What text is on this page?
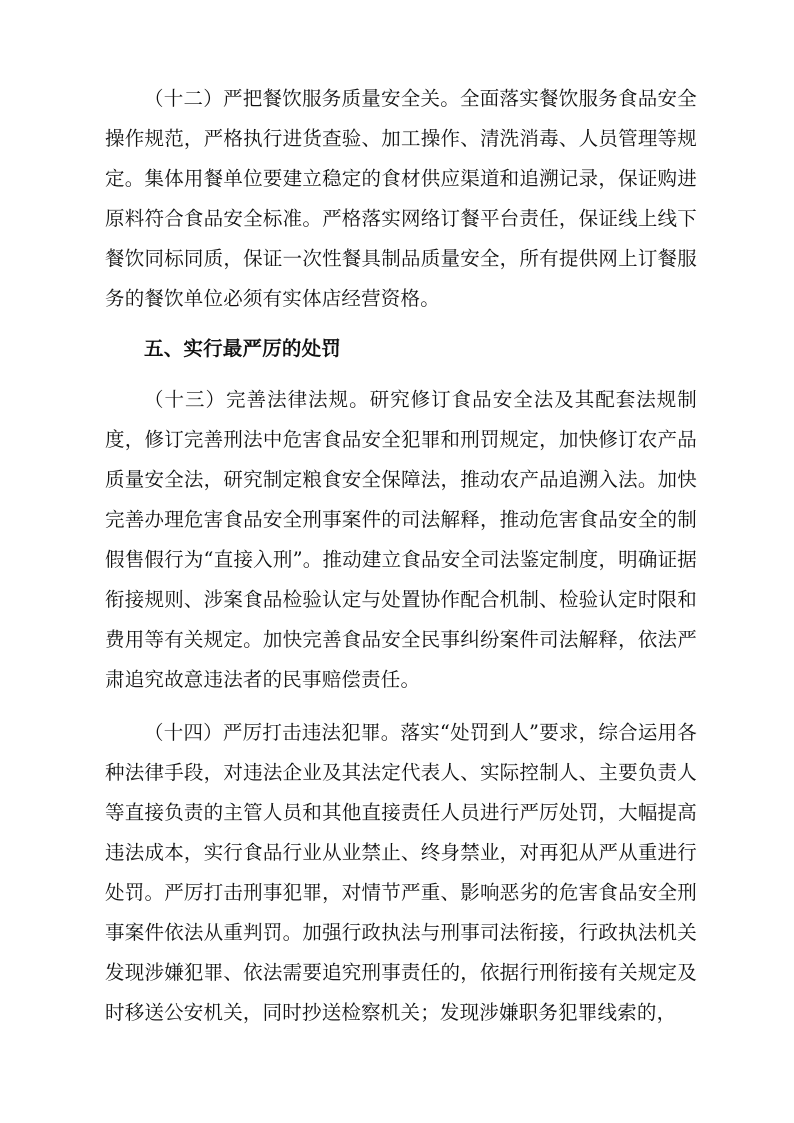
（十二）严把餐饮服务质量安全关。全面落实餐饮服务食品安全操作规范，严格执行进货查验、加工操作、清洗消毒、人员管理等规定。集体用餐单位要建立稳定的食材供应渠道和追溯记录，保证购进原料符合食品安全标准。严格落实网络订餐平台责任，保证线上线下餐饮同标同质，保证一次性餐具制品质量安全，所有提供网上订餐服务的餐饮单位必须有实体店经营资格。

五、实行最严厉的处罚

（十三）完善法律法规。研究修订食品安全法及其配套法规制度，修订完善刑法中危害食品安全犯罪和刑罚规定，加快修订农产品质量安全法，研究制定粮食安全保障法，推动农产品追溯入法。加快完善办理危害食品安全刑事案件的司法解释，推动危害食品安全的制假售假行为“直接入刑”。推动建立食品安全司法鉴定制度，明确证据衔接规则、涉案食品检验认定与处置协作配合机制、检验认定时限和费用等有关规定。加快完善食品安全民事纠纷案件司法解释，依法严肃追究故意违法者的民事赔偿责任。

（十四）严厉打击违法犯罪。落实“处罚到人”要求，综合运用各种法律手段，对违法企业及其法定代表人、实际控制人、主要负责人等直接负责的主管人员和其他直接责任人员进行严厉处罚，大幅提高违法成本，实行食品行业从业禁止、终身禁业，对再犯从严从重进行处罚。严厉打击刑事犯罪，对情节严重、影响恶劣的危害食品安全刑事案件依法从重判罚。加强行政执法与刑事司法衔接，行政执法机关发现涉嫌犯罪、依法需要追究刑事责任的，依据行刑衔接有关规定及时移送公安机关，同时抄送检察机关；发现涉嫌职务犯罪线索的，
